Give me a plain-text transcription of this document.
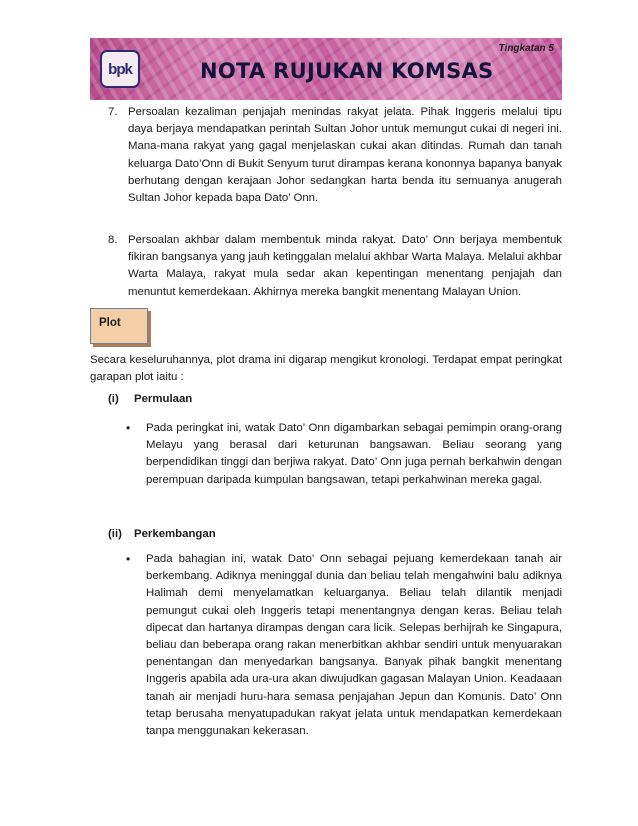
bpk	NOTA RUJUKAN KOMSAS
Tingkatan 5
7. Persoalan kezaliman penjajah menindas rakyat jelata. Pihak Inggeris melalui tipu daya berjaya mendapatkan perintah Sultan Johor untuk memungut cukai di negeri ini. Mana-mana rakyat yang gagal menjelaskan cukai akan ditindas. Rumah dan tanah keluarga Dato’Onn di Bukit Senyum turut dirampas kerana kononnya bapanya banyak berhutang dengan kerajaan Johor sedangkan harta benda itu semuanya anugerah Sultan Johor kepada bapa Dato’ Onn.
8. Persoalan akhbar dalam membentuk minda rakyat. Dato’ Onn berjaya membentuk fikiran bangsanya yang jauh ketinggalan melalui akhbar Warta Malaya. Melalui akhbar Warta Malaya, rakyat mula sedar akan kepentingan menentang penjajah dan menuntut kemerdekaan. Akhirnya mereka bangkit menentang Malayan Union.
Plot
Secara keseluruhannya, plot drama ini digarap mengikut kronologi. Terdapat empat peringkat garapan plot iaitu :
(i) Permulaan
• Pada peringkat ini, watak Dato’ Onn digambarkan sebagai pemimpin orang-orang Melayu yang berasal dari keturunan bangsawan. Beliau seorang yang berpendidikan tinggi dan berjiwa rakyat. Dato’ Onn juga pernah berkahwin dengan perempuan daripada kumpulan bangsawan, tetapi perkahwinan mereka gagal.
(ii) Perkembangan
• Pada bahagian ini, watak Dato’ Onn sebagai pejuang kemerdekaan tanah air berkembang. Adiknya meninggal dunia dan beliau telah mengahwini balu adiknya Halimah demi menyelamatkan keluarganya. Beliau telah dilantik menjadi pemungut cukai oleh Inggeris tetapi menentangnya dengan keras. Beliau telah dipecat dan hartanya dirampas dengan cara licik. Selepas berhijrah ke Singapura, beliau dan beberapa orang rakan menerbitkan akhbar sendiri untuk menyuarakan penentangan dan menyedarkan bangsanya. Banyak pihak bangkit menentang Inggeris apabila ada ura-ura akan diwujudkan gagasan Malayan Union. Keadaaan tanah air menjadi huru-hara semasa penjajahan Jepun dan Komunis. Dato’ Onn tetap berusaha menyatupadukan rakyat jelata untuk mendapatkan kemerdekaan tanpa menggunakan kekerasan.
